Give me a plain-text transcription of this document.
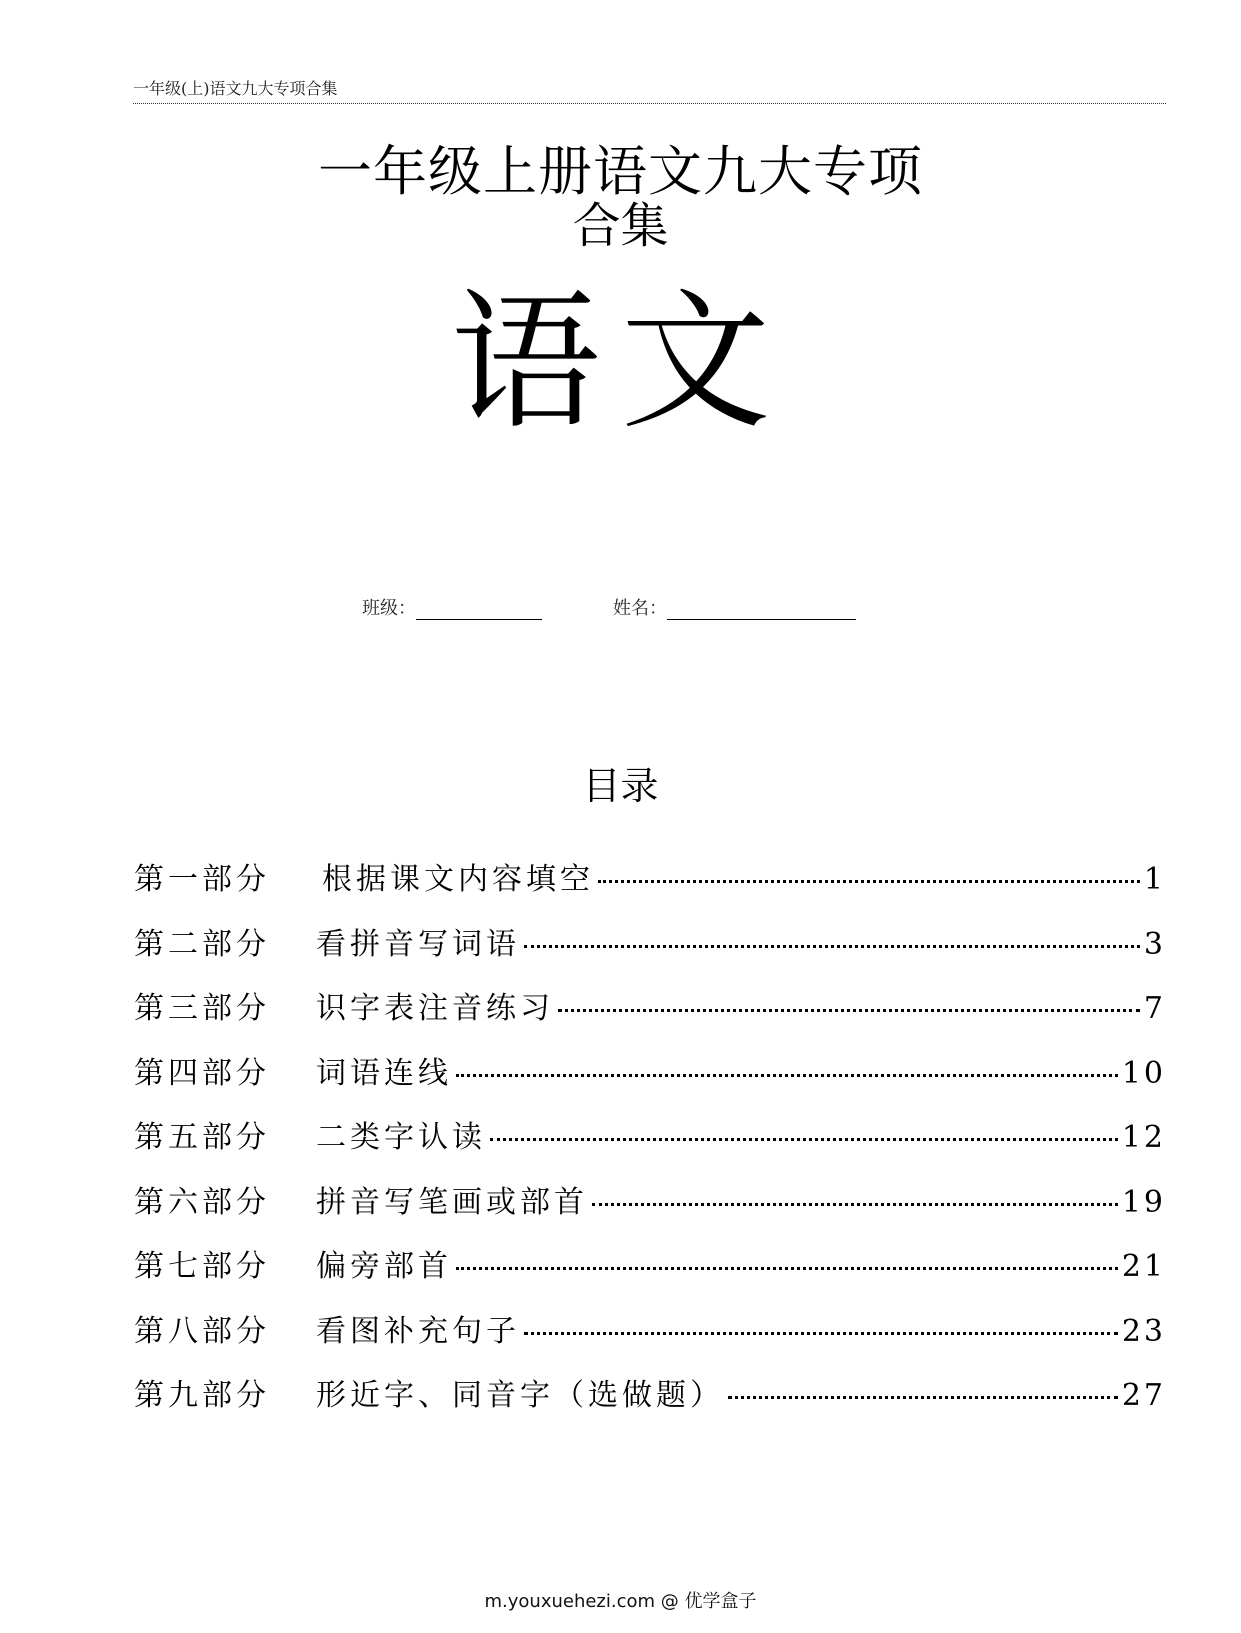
一年级(上)语文九大专项合集
一年级上册语文九大专项
合集
语文
班级：	姓名：
目录
第一部分 根据课文内容填空	1
第二部分 看拼音写词语	3
第三部分 识字表注音练习	7
第四部分 词语连线	10
第五部分 二类字认读	12
第六部分 拼音写笔画或部首	19
第七部分 偏旁部首	21
第八部分 看图补充句子	23
第九部分 形近字、同音字（选做题）	27
m.youxuehezi.com @ 优学盒子
